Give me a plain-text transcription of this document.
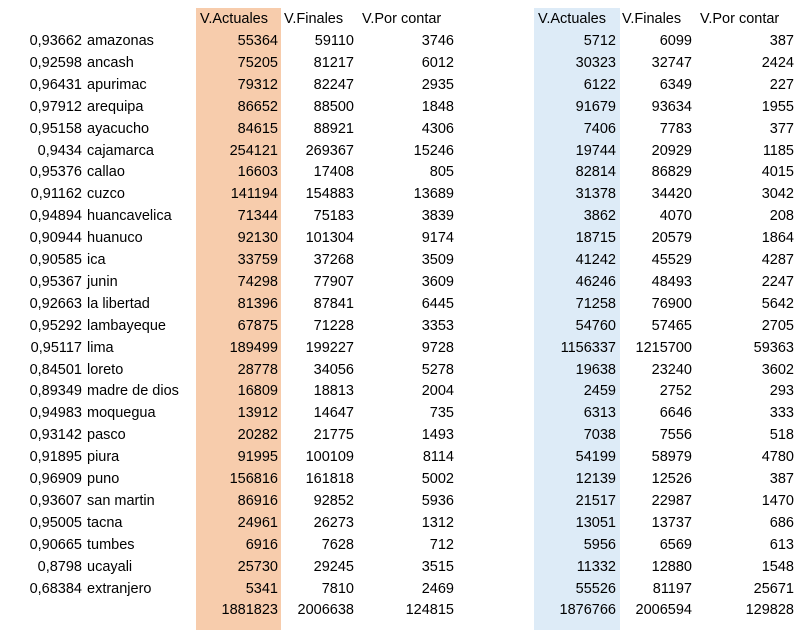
V.Actuales	V.Finales	V.Por contar	V.Actuales	V.Finales	V.Por contar
0,93662 amazonas	55364	59110	3746	5712	6099	387
0,92598 ancash	75205	81217	6012	30323	32747	2424
0,96431 apurimac	79312	82247	2935	6122	6349	227
0,97912 arequipa	86652	88500	1848	91679	93634	1955
0,95158 ayacucho	84615	88921	4306	7406	7783	377
0,9434 cajamarca	254121	269367	15246	19744	20929	1185
0,95376 callao	16603	17408	805	82814	86829	4015
0,91162 cuzco	141194	154883	13689	31378	34420	3042
0,94894 huancavelica	71344	75183	3839	3862	4070	208
0,90944 huanuco	92130	101304	9174	18715	20579	1864
0,90585 ica	33759	37268	3509	41242	45529	4287
0,95367 junin	74298	77907	3609	46246	48493	2247
0,92663 la libertad	81396	87841	6445	71258	76900	5642
0,95292 lambayeque	67875	71228	3353	54760	57465	2705
0,95117 lima	189499	199227	9728	1156337	1215700	59363
0,84501 loreto	28778	34056	5278	19638	23240	3602
0,89349 madre de dios	16809	18813	2004	2459	2752	293
0,94983 moquegua	13912	14647	735	6313	6646	333
0,93142 pasco	20282	21775	1493	7038	7556	518
0,91895 piura	91995	100109	8114	54199	58979	4780
0,96909 puno	156816	161818	5002	12139	12526	387
0,93607 san martin	86916	92852	5936	21517	22987	1470
0,95005 tacna	24961	26273	1312	13051	13737	686
0,90665 tumbes	6916	7628	712	5956	6569	613
0,8798 ucayali	25730	29245	3515	11332	12880	1548
0,68384 extranjero	5341	7810	2469	55526	81197	25671
1881823	2006638	124815	1876766	2006594	129828
